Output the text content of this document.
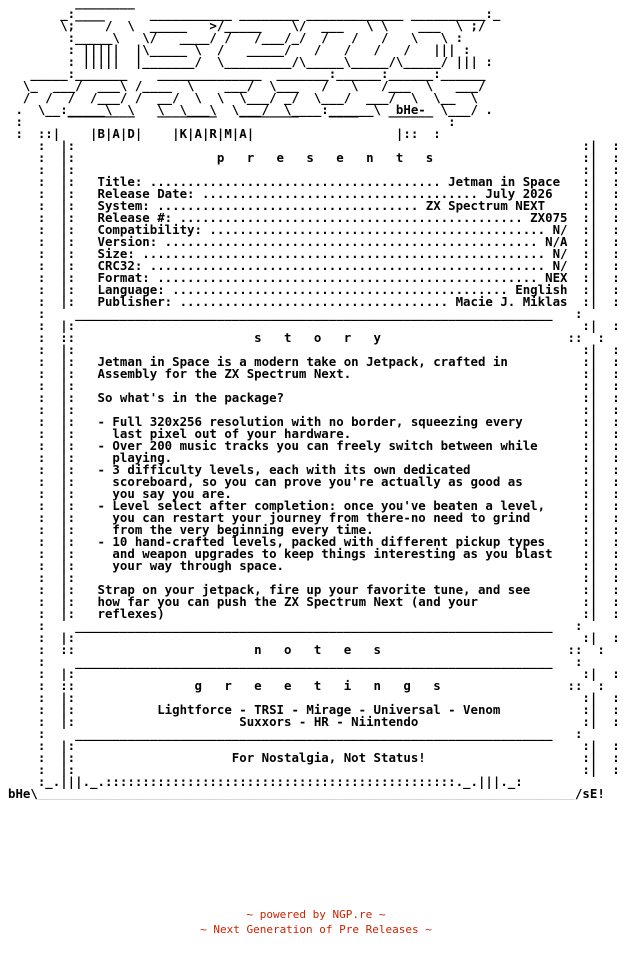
_:‾‾‾‾‾‾‾‾  ___________ ________ _____________ __________:_
\;‾‾‾‾/  \  _____   >/_____    \/  ___   \ \    ___  \ ;/
:_____\   \/   ____/ /   /___/_/  /   /   /   \   \ :
: |||||  |\_____ \  /   _____/   /   /   /   /   ||| :
: |||||  |_______/  \_________/\_____\_____/\_____/ ||| :
_____:_______    ______________  _______:______:______:______
\_  ___/  ___\ /____  \    ___/  \___   /   \   /___  \   ___/
/  /  /  /___/ /  __/  \  \  \___/ _/  \___/  ___/  \  \__  \
.  \__:_____\  \   \  \___\  \___/  \____:______\  bHe-  \___/ .
:      ‾‾‾‾‾‾‾‾‾   ‾‾‾‾‾‾‾‾   ‾‾‾‾‾‾‾‾    ‾‾‾‾    ‾‾‾‾‾‾  :
:  ::|    |B|A|D|    |K|A|R|M|A|                   |::  :
:  |:                                                                    :|  :
:  |:                   p   r   e   s   e   n   t   s                    :|  :
:  |:                                                                    :|  :
:  |:   Title: ....................................... Jetman in Space   :|  :
:  |:   Release Date: ..................................... July 2026    :|  :
:  |:   System: ................................... ZX Spectrum NEXT     :|  :
:  |:   Release #: .............................................. ZX075  :|  :
:  |:   Compatibility: ............................................. N/  :|  :
:  |:   Version: .................................................. N/A  :|  :
:  |:   Size: ...................................................... N/  :|  :
:  |:   CRC32: ..................................................... N/  :|  :
:  |:   Format: ................................................... NEX  :|  :
:  |:   Language: ............................................. English  :|  :
:  |:   Publisher: .................................... Macie J. Miklas  :|  :
:    ________________________________________________________________   :
:  |:                                                                    :|  :
:  ::                        s   t   o   r   y                         ::  :
:  |:                                                                    :|  :
:  |:   Jetman in Space is a modern take on Jetpack, crafted in          :|  :
:  |:   Assembly for the ZX Spectrum Next.                               :|  :
:  |:                                                                    :|  :
:  |:   So what's in the package?                                        :|  :
:  |:                                                                    :|  :
:  |:   - Full 320x256 resolution with no border, squeezing every        :|  :
:  |:     last pixel out of your hardware.                               :|  :
:  |:   - Over 200 music tracks you can freely switch between while      :|  :
:  |:     playing.                                                       :|  :
:  |:   - 3 difficulty levels, each with its own dedicated               :|  :
:  |:     scoreboard, so you can prove you're actually as good as        :|  :
:  |:     you say you are.                                               :|  :
:  |:   - Level select after completion: once you've beaten a level,     :|  :
:  |:     you can restart your journey from there-no need to grind       :|  :
:  |:     from the very beginning every time.                            :|  :
:  |:   - 10 hand-crafted levels, packed with different pickup types     :|  :
:  |:     and weapon upgrades to keep things interesting as you blast    :|  :
:  |:     your way through space.                                        :|  :
:  |:                                                                    :|  :
:  |:   Strap on your jetpack, fire up your favorite tune, and see       :|  :
:  |:   how far you can push the ZX Spectrum Next (and your              :|  :
:  |:   reflexes)                                                        :|  :
:    ________________________________________________________________   :
:  |:                                                                    :|  :
:  ::                        n   o   t   e   s                         ::  :
:    ________________________________________________________________   :
:  |:                                                                    :|  :
:  ::                g   r   e   e   t   i   n   g   s                 ::  :
:  |:                                                                    :|  :
:  |:           Lightforce - TRSI - Mirage - Universal - Venom           :|  :
:  |:                      Suxxors - HR - Niintendo                      :|  :
:    ________________________________________________________________   :
:  |:                                                                    :|  :
:  |:                     For Nostalgia, Not Status!                     :|  :
:  |:                                                                    :|  :
:_.|||._.:::::::::::::::::::::::::::::::::::::::::::::::._.|||._:
bHe\________________________________________________________________________/sE!

~ powered by NGP.re ~
~ Next Generation of Pre Releases ~
